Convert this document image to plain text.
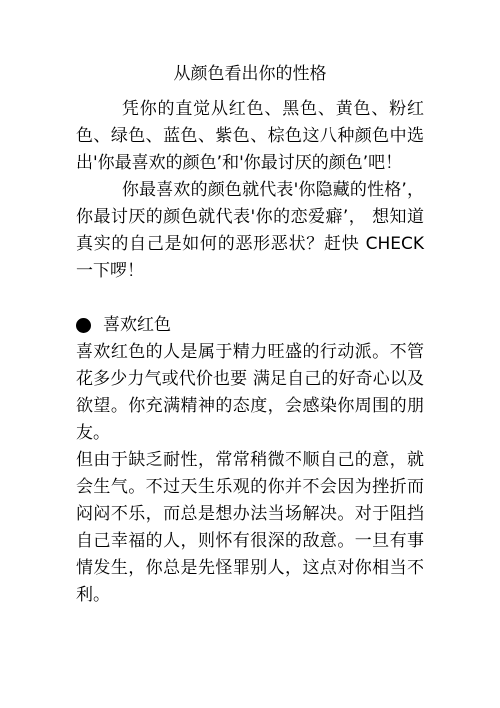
从颜色看出你的性格

凭你的直觉从红色、黑色、黄色、粉红色、绿色、蓝色、紫色、棕色这八种颜色中选出'你最喜欢的颜色’和'你最讨厌的颜色’吧！

你最喜欢的颜色就代表'你隐藏的性格’， 你最讨厌的颜色就代表'你的恋爱癖’， 想知道真实的自己是如何的恶形恶状？赶快 CHECK 一下啰！

喜欢红色

喜欢红色的人是属于精力旺盛的行动派。不管花多少力气或代价也要 满足自己的好奇心以及欲望。你充满精神的态度，会感染你周围的朋友。

但由于缺乏耐性，常常稍微不顺自己的意，就会生气。不过天生乐观的你并不会因为挫折而闷闷不乐，而总是想办法当场解决。对于阻挡自己幸福的人，则怀有很深的敌意。一旦有事情发生，你总是先怪罪别人，这点对你相当不利。
